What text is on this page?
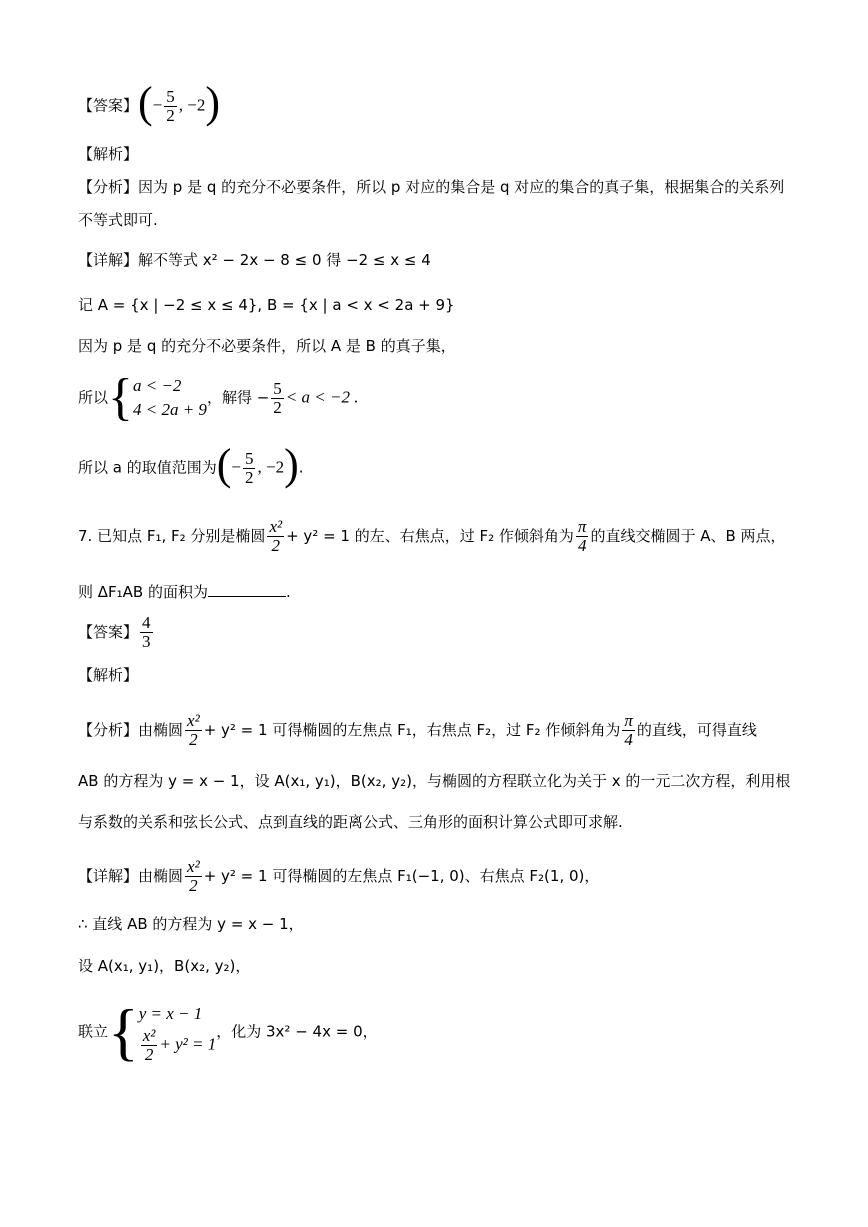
【答案】(− $\frac{5}{2}$ , −2)
【解析】
【分析】因为 p 是 q 的充分不必要条件，所以 p 对应的集合是 q 对应的集合的真子集，根据集合的关系列
不等式即可.
【详解】解不等式 x² − 2x − 8 ≤ 0 得 −2 ≤ x ≤ 4
记 A = {x | −2 ≤ x ≤ 4}, B = {x | a < x < 2a + 9}
因为 p 是 q 的充分不必要条件，所以 A 是 B 的真子集，
所以{ a < −2
4 < 2a + 9
，解得 − $\frac{5}{2} < a < -2$ .
所以 a 的取值范围为(− $\frac{5}{2}$ , −2).
7. 已知点 F₁, F₂ 分别是椭圆 $\frac{\text{x²}}{2} + y^2 = 1$ 的左、右焦点，过 F₂ 作倾斜角为 $\frac{\pi}{4}$ 的直线交椭圆于 A、B 两点，
则 ΔF₁AB 的面积为	.
【答案】 $\frac{4}{3}$
【解析】
【分析】由椭圆 $\frac{\text{x²}}{2} + y^2 = 1$ 可得椭圆的左焦点 F₁，右焦点 F₂，过 F₂ 作倾斜角为 $\frac{\pi}{4}$ 的直线，可得直线
AB 的方程为 y = x − 1，设 A(x₁, y₁)，B(x₂, y₂)，与椭圆的方程联立化为关于 x 的一元二次方程，利用根
与系数的关系和弦长公式、点到直线的距离公式、三角形的面积计算公式即可求解.
【详解】由椭圆 $\frac{\text{x²}}{2} + y^2 = 1$ 可得椭圆的左焦点 F₁(−1, 0)、右焦点 F₂(1, 0)，
∴ 直线 AB 的方程为 y = x − 1，
设 A(x₁, y₁)，B(x₂, y₂)，
联立{ y = x − 1
$\frac{\text{x²}}{2} + y^2 = 1$
，化为 3x² − 4x = 0，
